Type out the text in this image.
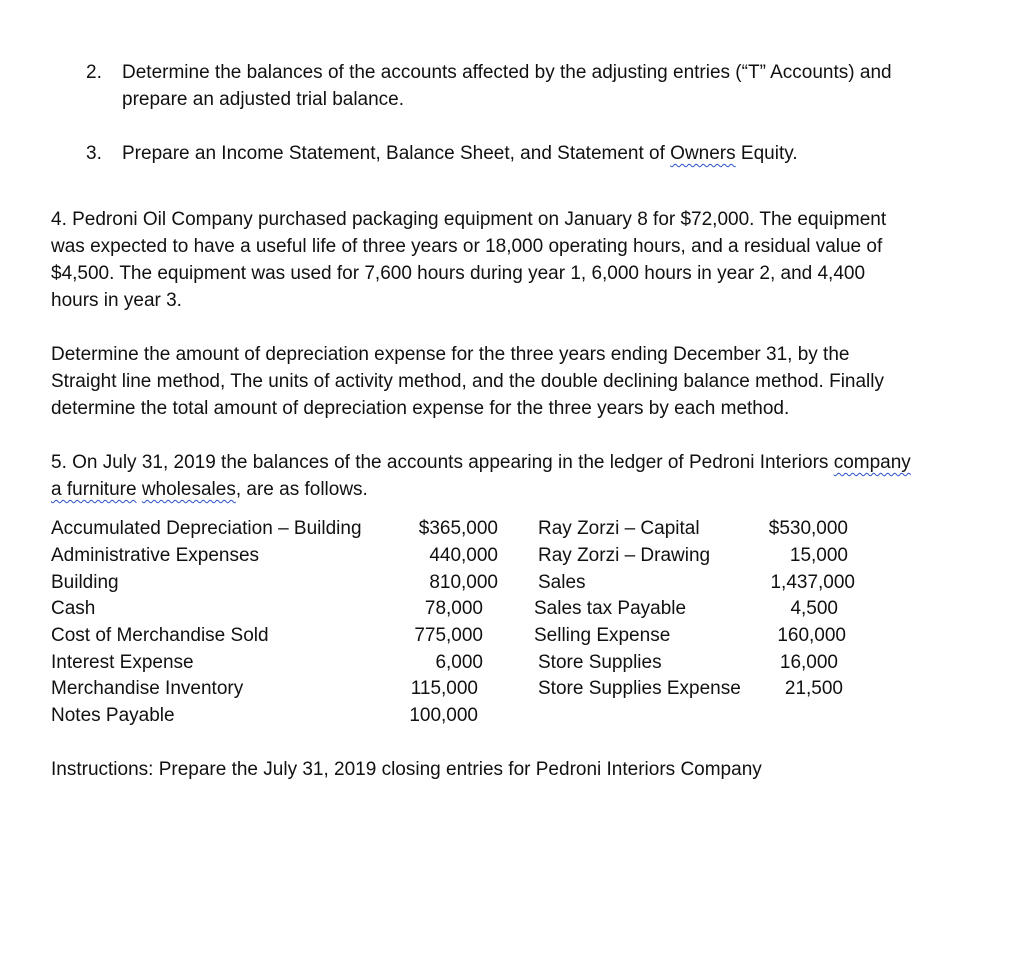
2. Determine the balances of the accounts affected by the adjusting entries (“T” Accounts) and
prepare an adjusted trial balance.
3. Prepare an Income Statement, Balance Sheet, and Statement of Owners Equity.
4. Pedroni Oil Company purchased packaging equipment on January 8 for $72,000. The equipment
was expected to have a useful life of three years or 18,000 operating hours, and a residual value of
$4,500. The equipment was used for 7,600 hours during year 1, 6,000 hours in year 2, and 4,400
hours in year 3.
Determine the amount of depreciation expense for the three years ending December 31, by the
Straight line method, The units of activity method, and the double declining balance method. Finally
determine the total amount of depreciation expense for the three years by each method.
5. On July 31, 2019 the balances of the accounts appearing in the ledger of Pedroni Interiors company
a furniture wholesales, are as follows.
Accumulated Depreciation – Building	$365,000
Administrative Expenses	440,000
Building	810,000
Cash	78,000
Cost of Merchandise Sold	775,000
Interest Expense	6,000
Merchandise Inventory	115,000
Notes Payable	100,000
Ray Zorzi – Capital	$530,000
Ray Zorzi – Drawing	15,000
Sales	1,437,000
Sales tax Payable	4,500
Selling Expense	160,000
Store Supplies	16,000
Store Supplies Expense	21,500
Instructions: Prepare the July 31, 2019 closing entries for Pedroni Interiors Company
